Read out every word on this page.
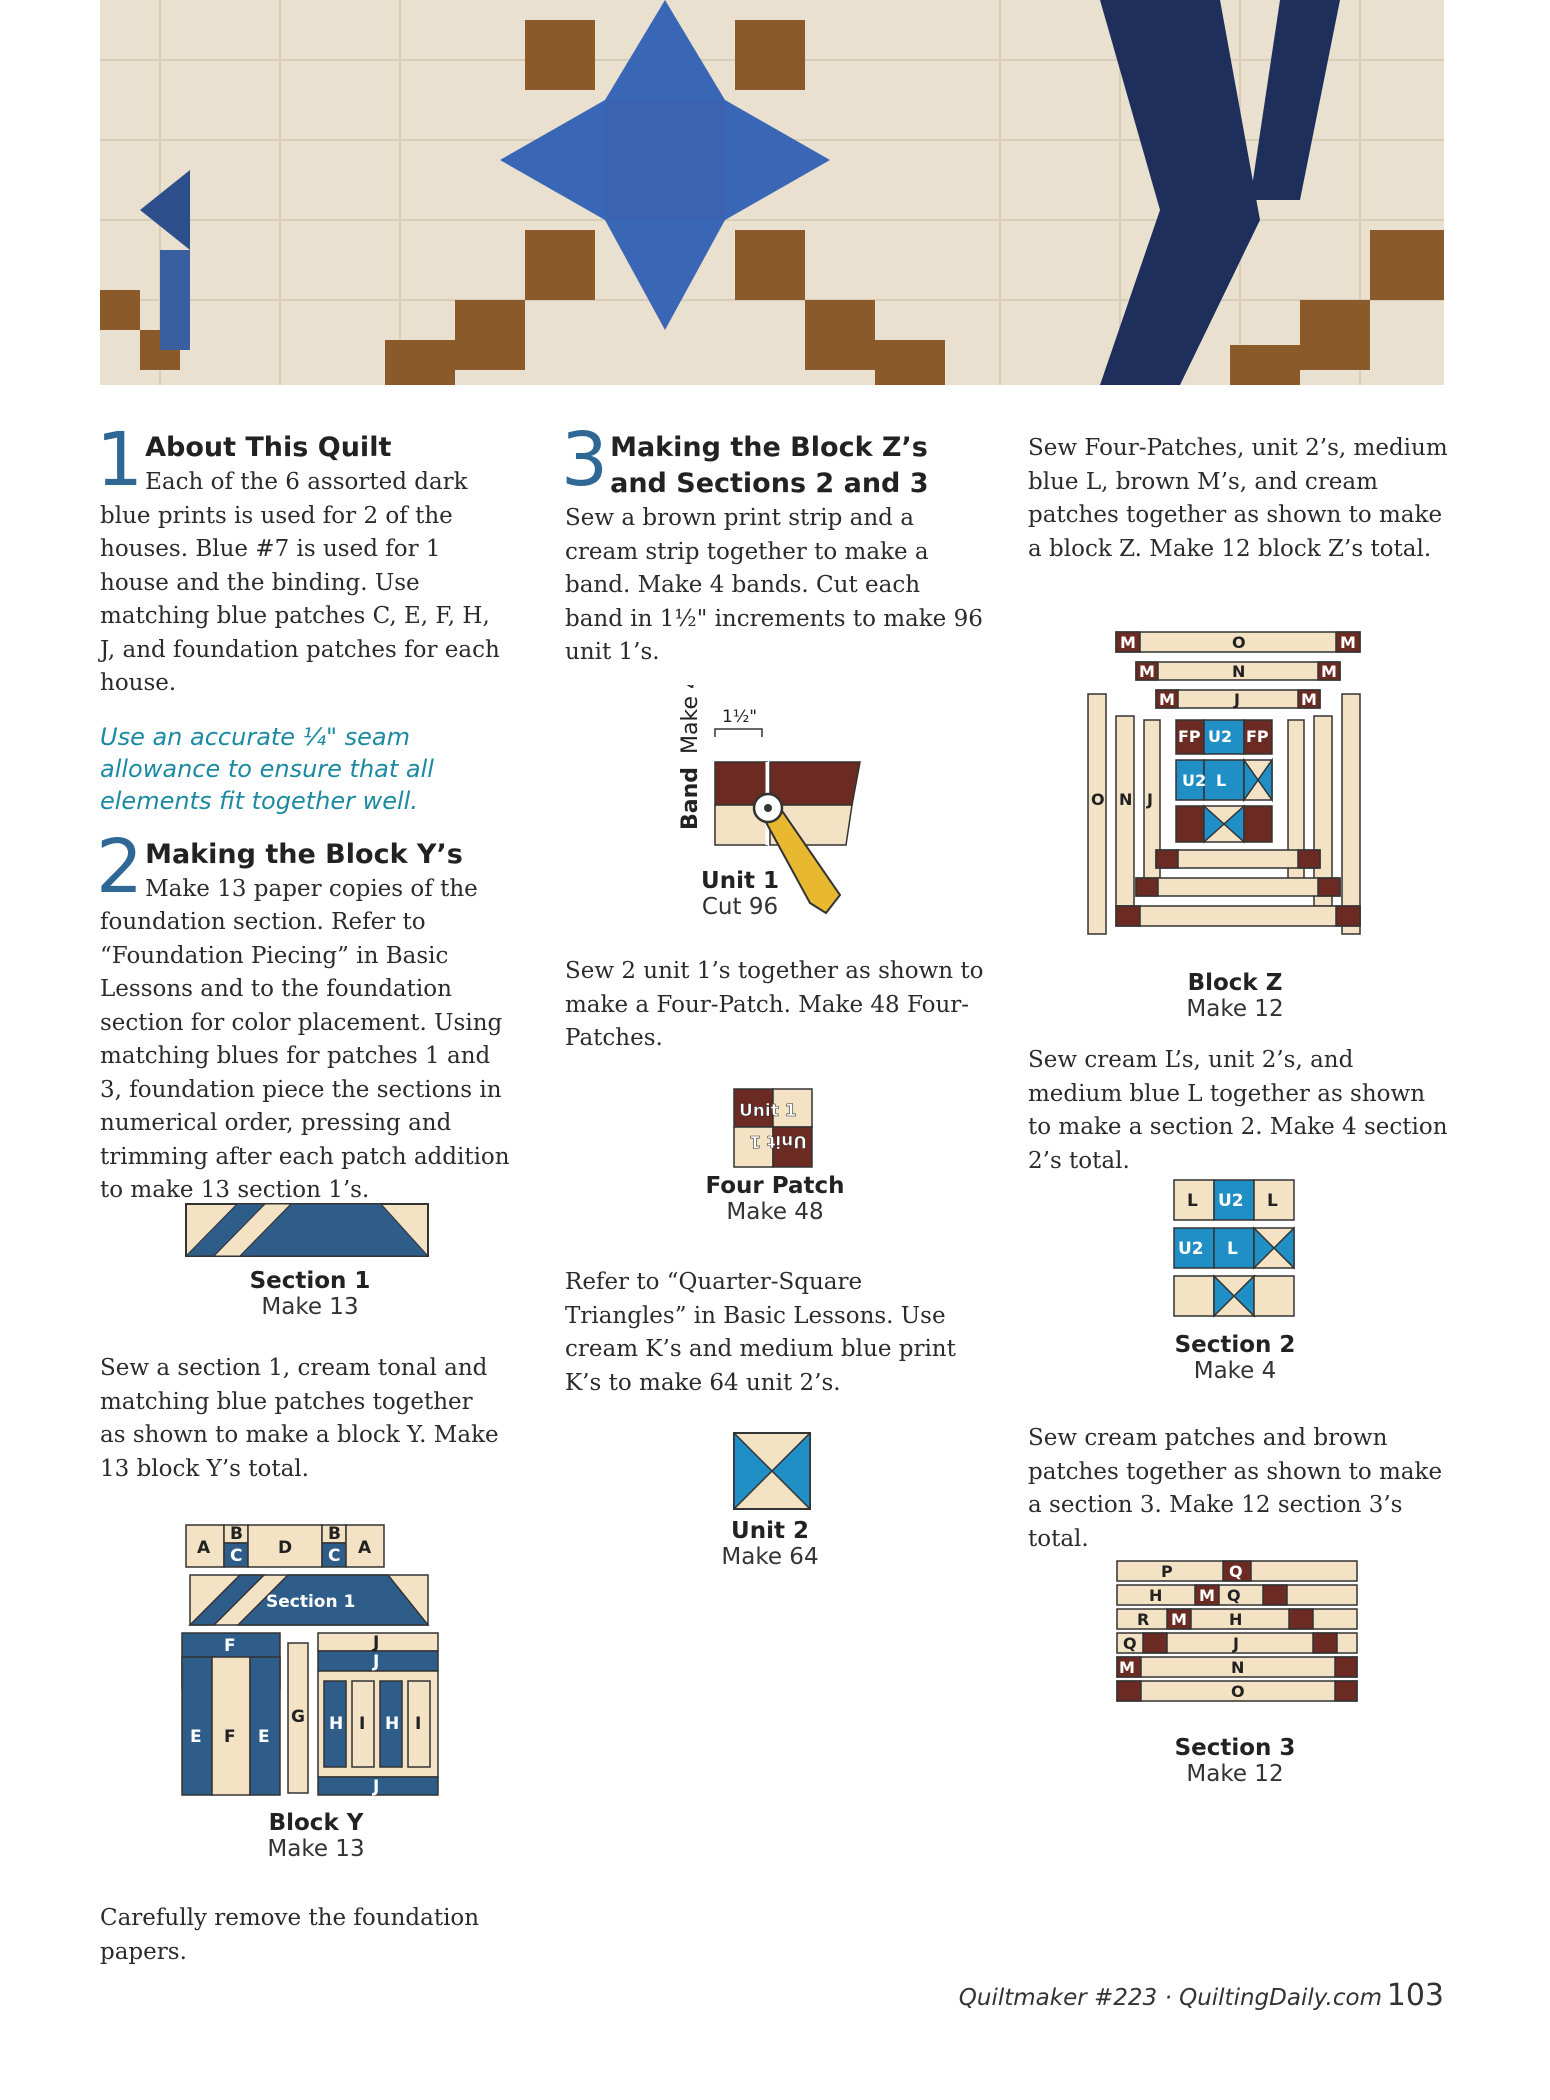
1 About This Quilt

Each of the 6 assorted dark blue prints is used for 2 of the houses. Blue #7 is used for 1 house and the binding. Use matching blue patches C, E, F, H, J, and foundation patches for each house.

Use an accurate ¼" seam allowance to ensure that all elements fit together well.

2 Making the Block Y’s

Make 13 paper copies of the foundation section. Refer to “Foundation Piecing” in Basic Lessons and to the foundation section for color placement. Using matching blues for patches 1 and 3, foundation piece the sections in numerical order, pressing and trimming after each patch addition to make 13 section 1’s.

Section 1
Make 13

Sew a section 1, cream tonal and matching blue patches together as shown to make a block Y. Make 13 block Y’s total.

A
B
C D
B
C A
Section 1
F
E F E
G
J
J
H I H I
J
Block Y
Make 13

Carefully remove the foundation papers.

3 Making the Block Z’s and Sections 2 and 3

Sew a brown print strip and a cream strip together to make a band. Make 4 bands. Cut each band in 1½" increments to make 96 unit 1’s.

Band Make 4 1½"
Unit 1
Cut 96

Sew 2 unit 1’s together as shown to make a Four-Patch. Make 48 Four-Patches.

Unit 1
Unit 1
Four Patch
Make 48

Refer to “Quarter-Square Triangles” in Basic Lessons. Use cream K’s and medium blue print K’s to make 64 unit 2’s.

Unit 2
Make 64

Sew Four-Patches, unit 2’s, medium blue L, brown M’s, and cream patches together as shown to make a block Z. Make 12 block Z’s total.

M	O	M
M	N	M
M	J	M
O N J
FP U2 FP
L
U2
Block Z
Make 12

Sew cream L’s, unit 2’s, and medium blue L together as shown to make a section 2. Make 4 section 2’s total.

L U2 L
U2 L
Section 2
Make 4

Sew cream patches and brown patches together as shown to make a section 3. Make 12 section 3’s total.

P	Q
H M Q
R M	H
Q	J
M	N
O
Section 3
Make 12
Quiltmaker #223 · QuiltingDaily.com 103
